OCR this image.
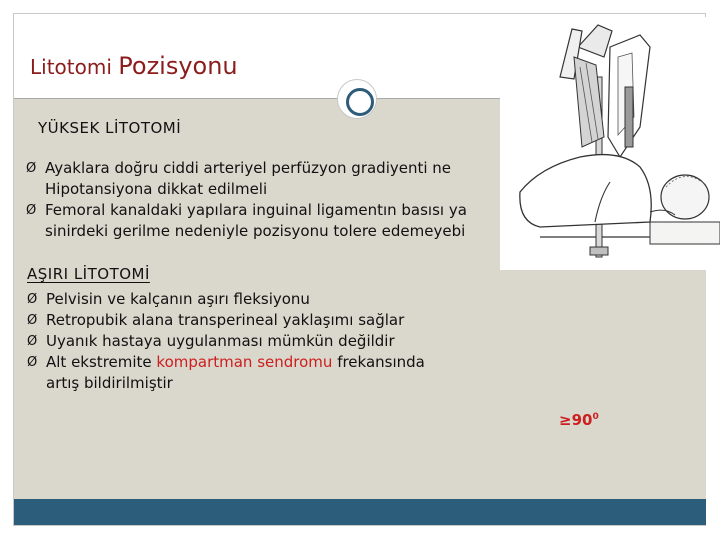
Litotomi Pozisyonu

YÜKSEK LİTOTOMİ

Ø Ayaklara doğru ciddi arteriyel perfüzyon gradiyenti ne
Hipotansiyona dikkat edilmeli
Ø Femoral kanaldaki yapılara inguinal ligamentın basısı ya
sinirdeki gerilme nedeniyle pozisyonu tolere edemeyebi

AŞIRI LİTOTOMİ

Ø Pelvisin ve kalçanın aşırı fleksiyonu
Ø Retropubik alana transperineal yaklaşımı sağlar
Ø Uyanık hastaya uygulanması mümkün değildir
Ø Alt ekstremite kompartman sendromu frekansında
artış bildirilmiştir

$\ge 90^0$
